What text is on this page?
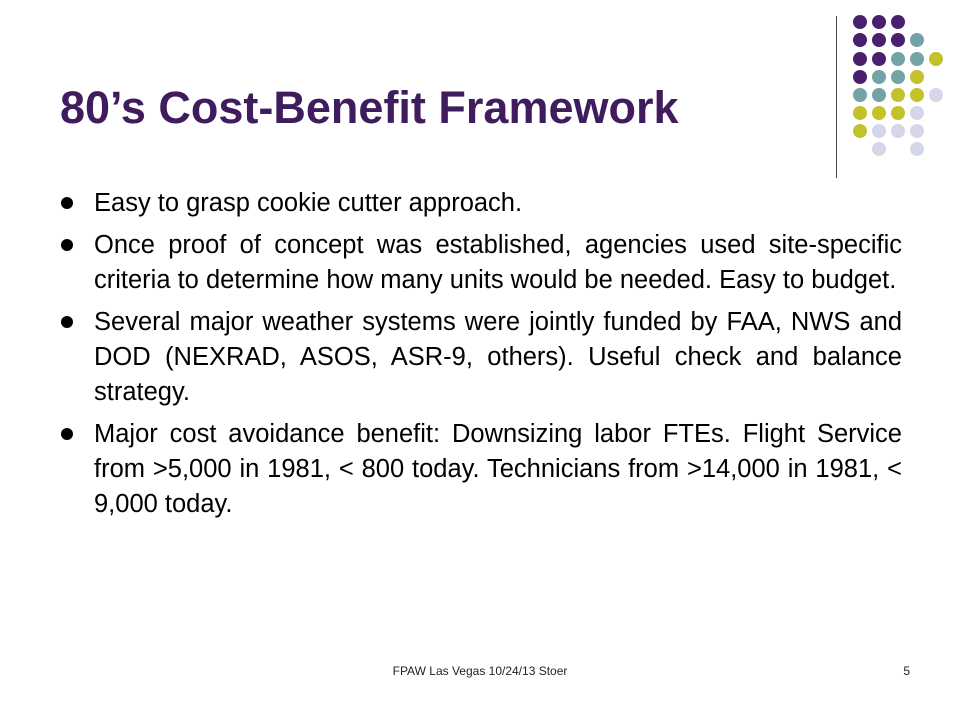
80’s Cost-Benefit Framework
Easy to grasp cookie cutter approach.
Once proof of concept was established, agencies used site-specific criteria to determine how many units would be needed. Easy to budget.
Several major weather systems were jointly funded by FAA, NWS and DOD (NEXRAD, ASOS, ASR-9, others). Useful check and balance strategy.
Major cost avoidance benefit: Downsizing labor FTEs. Flight Service from >5,000 in 1981, < 800 today. Technicians from >14,000 in 1981, < 9,000 today.
FPAW Las Vegas 10/24/13 Stoer	5
